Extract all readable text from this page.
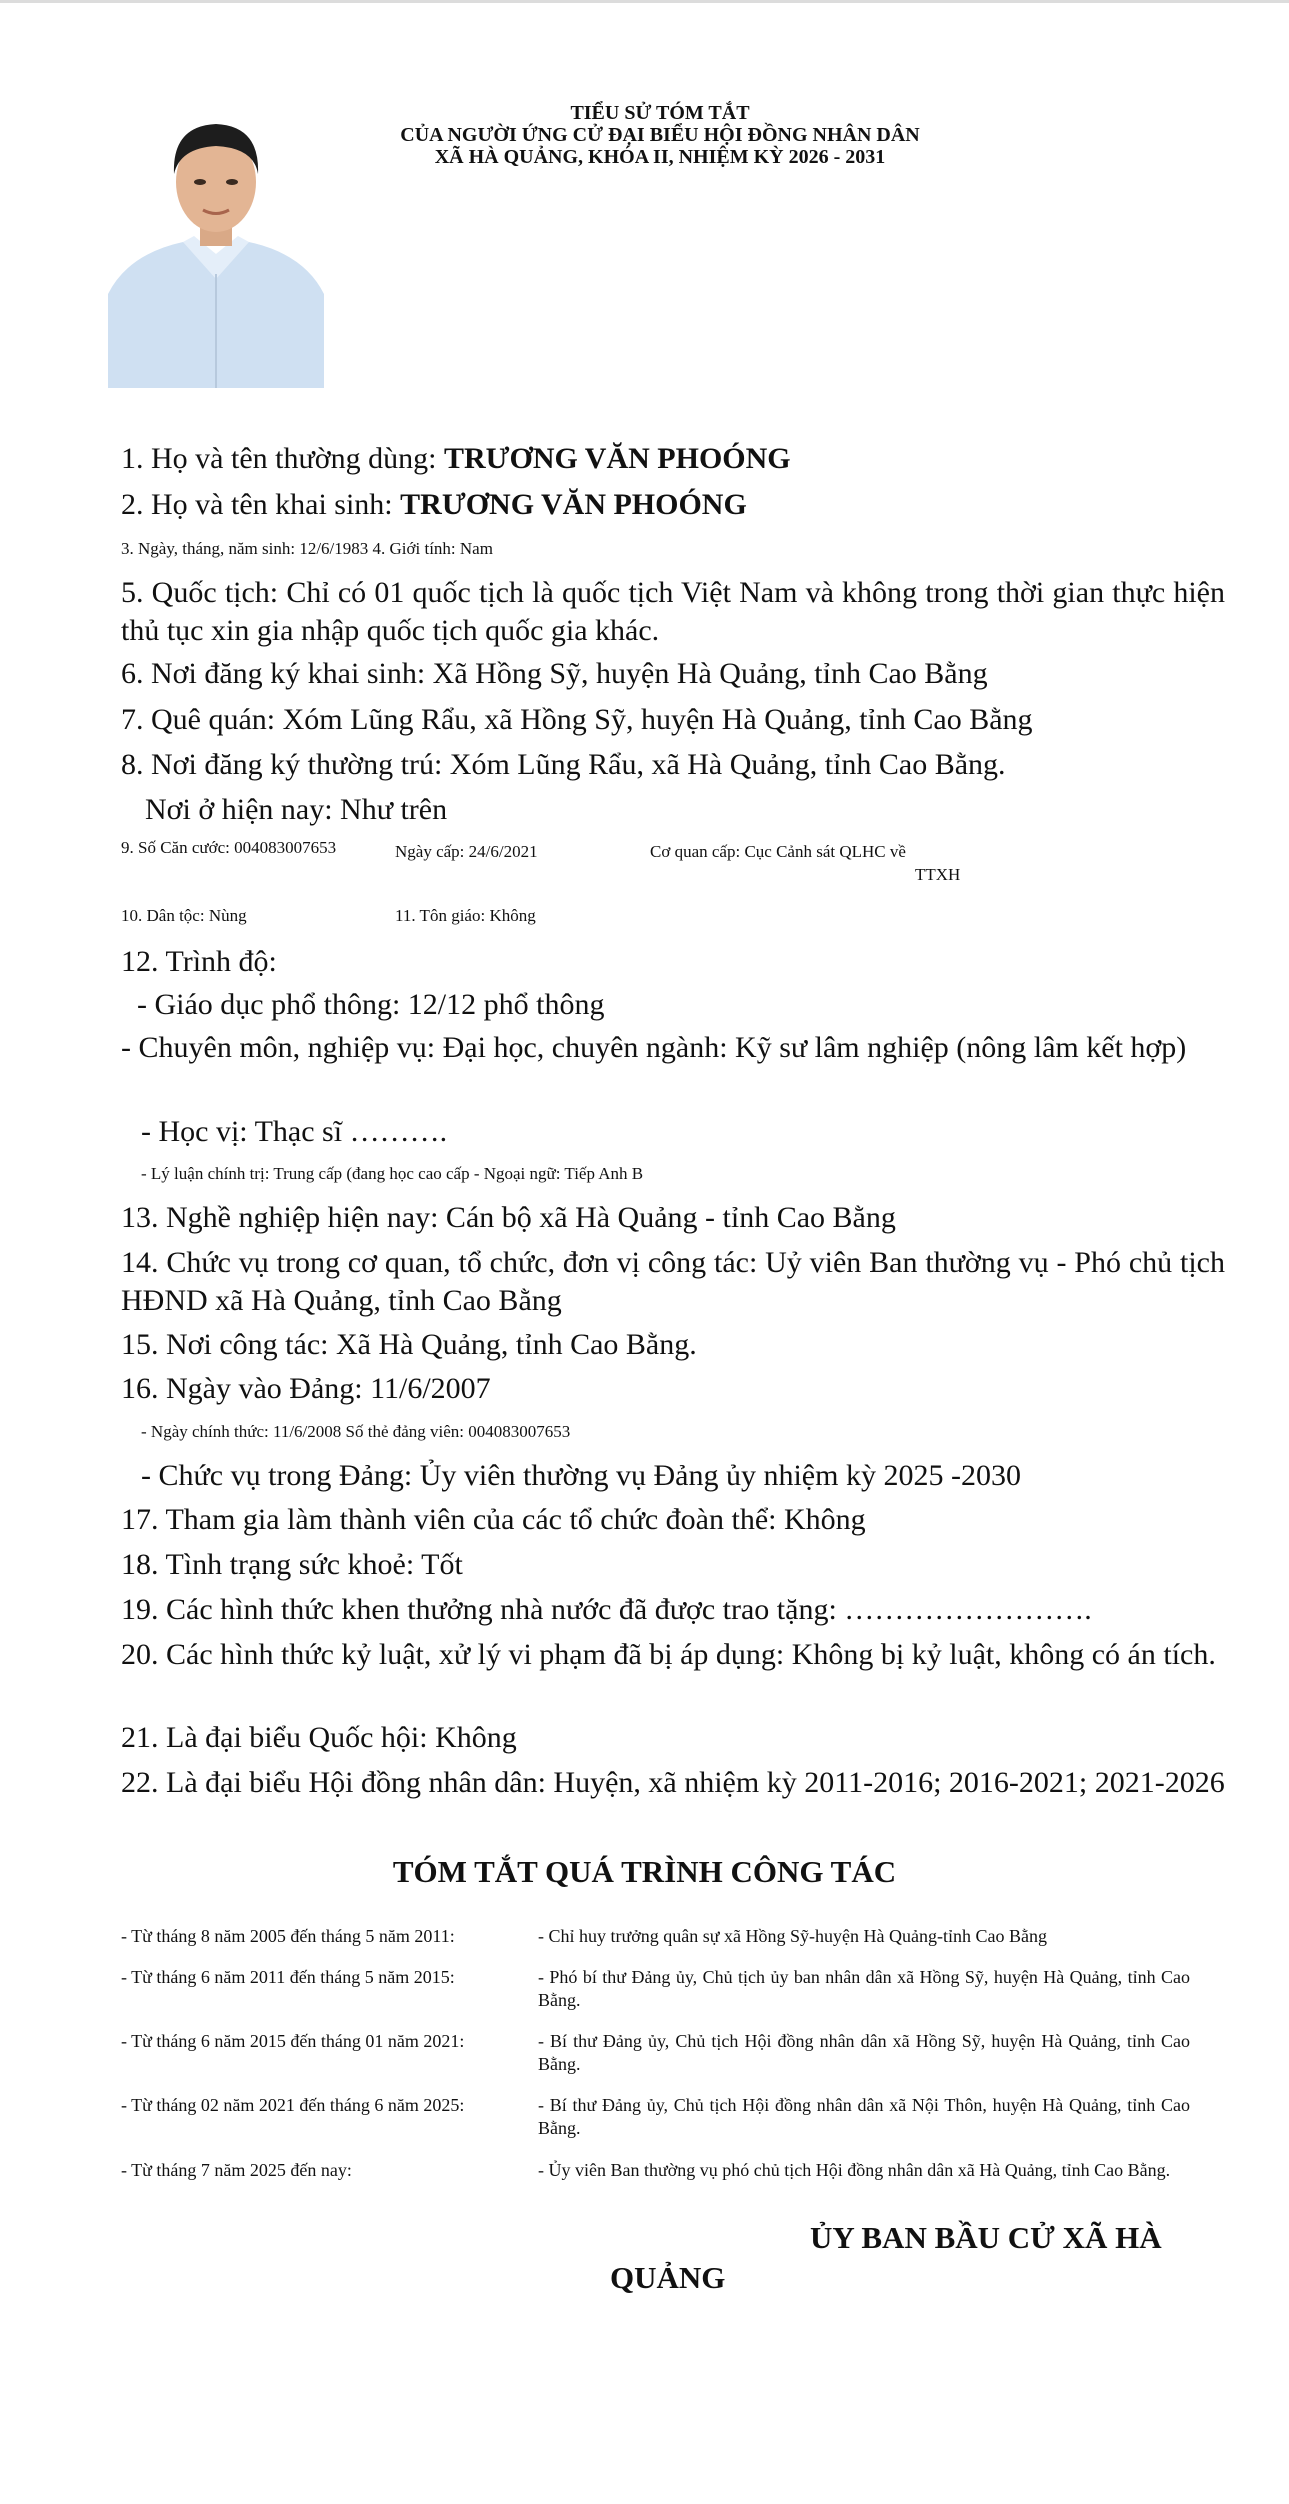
TIỂU SỬ TÓM TẮT
CỦA NGƯỜI ỨNG CỬ ĐẠI BIỂU HỘI ĐỒNG NHÂN DÂN
XÃ HÀ QUẢNG, KHÓA II, NHIỆM KỲ 2026 - 2031
1. Họ và tên thường dùng: TRƯƠNG VĂN PHOÓNG
2. Họ và tên khai sinh: TRƯƠNG VĂN PHOÓNG
3. Ngày, tháng, năm sinh: 12/6/1983 4. Giới tính: Nam
5. Quốc tịch: Chỉ có 01 quốc tịch là quốc tịch Việt Nam và không trong thời gian thực hiện thủ tục xin gia nhập quốc tịch quốc gia khác.
6. Nơi đăng ký khai sinh: Xã Hồng Sỹ, huyện Hà Quảng, tỉnh Cao Bằng
7. Quê quán: Xóm Lũng Rẩu, xã Hồng Sỹ, huyện Hà Quảng, tỉnh Cao Bằng
8. Nơi đăng ký thường trú: Xóm Lũng Rẩu, xã Hà Quảng, tỉnh Cao Bằng.
Nơi ở hiện nay: Như trên
9. Số Căn cước: 004083007653	Ngày cấp: 24/6/2021	Cơ quan cấp: Cục Cảnh sát QLHC về
TTXH
10. Dân tộc: Nùng	11. Tôn giáo: Không
12. Trình độ:
- Giáo dục phổ thông: 12/12 phổ thông
- Chuyên môn, nghiệp vụ: Đại học, chuyên ngành: Kỹ sư lâm nghiệp (nông lâm kết hợp)
- Học vị: Thạc sĩ ……….
- Lý luận chính trị: Trung cấp (đang học cao cấp - Ngoại ngữ: Tiếp Anh B
13. Nghề nghiệp hiện nay: Cán bộ xã Hà Quảng - tỉnh Cao Bằng
14. Chức vụ trong cơ quan, tổ chức, đơn vị công tác: Uỷ viên Ban thường vụ - Phó chủ tịch HĐND xã Hà Quảng, tỉnh Cao Bằng
15. Nơi công tác: Xã Hà Quảng, tỉnh Cao Bằng.
16. Ngày vào Đảng: 11/6/2007
- Ngày chính thức: 11/6/2008 Số thẻ đảng viên: 004083007653
- Chức vụ trong Đảng: Ủy viên thường vụ Đảng ủy nhiệm kỳ 2025 -2030
17. Tham gia làm thành viên của các tổ chức đoàn thể: Không
18. Tình trạng sức khoẻ: Tốt
19. Các hình thức khen thưởng nhà nước đã được trao tặng: …………………….
20. Các hình thức kỷ luật, xử lý vi phạm đã bị áp dụng: Không bị kỷ luật, không có án tích.
21. Là đại biểu Quốc hội: Không
22. Là đại biểu Hội đồng nhân dân: Huyện, xã nhiệm kỳ 2011-2016; 2016-2021; 2021-2026
TÓM TẮT QUÁ TRÌNH CÔNG TÁC
- Từ tháng 8 năm 2005 đến tháng 5 năm 2011:	- Chỉ huy trưởng quân sự xã Hồng Sỹ-huyện Hà Quảng-tỉnh Cao Bằng
- Từ tháng 6 năm 2011 đến tháng 5 năm 2015:	- Phó bí thư Đảng ủy, Chủ tịch ủy ban nhân dân xã Hồng Sỹ, huyện Hà Quảng, tỉnh Cao Bằng.
- Từ tháng 6 năm 2015 đến tháng 01 năm 2021:	- Bí thư Đảng ủy, Chủ tịch Hội đồng nhân dân xã Hồng Sỹ, huyện Hà Quảng, tỉnh Cao Bằng.
- Từ tháng 02 năm 2021 đến tháng 6 năm 2025:	- Bí thư Đảng ủy, Chủ tịch Hội đồng nhân dân xã Nội Thôn, huyện Hà Quảng, tỉnh Cao Bằng.
- Từ tháng 7 năm 2025 đến nay:	- Ủy viên Ban thường vụ phó chủ tịch Hội đồng nhân dân xã Hà Quảng, tỉnh Cao Bằng.
ỦY BAN BẦU CỬ XÃ HÀ
QUẢNG
